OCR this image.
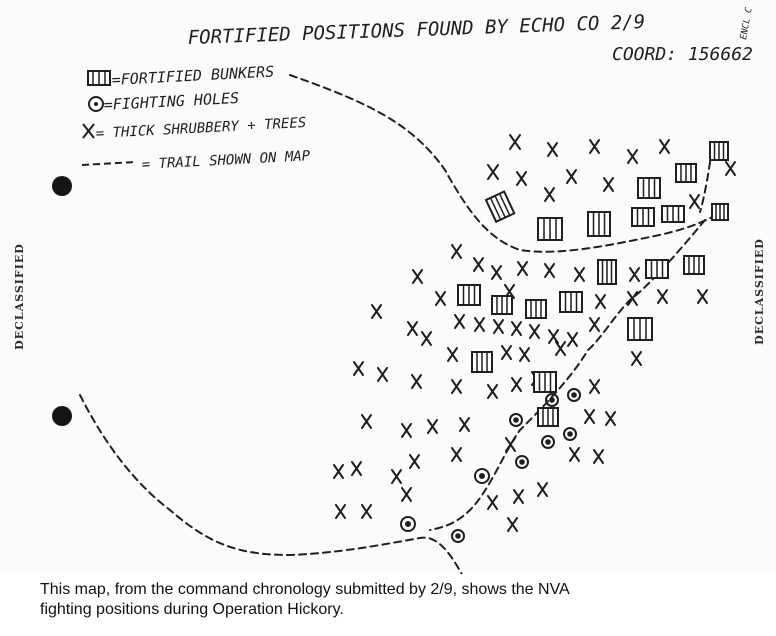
FORTIFIED POSITIONS FOUND BY ECHO CO 2/9
COORD: 156662
ENCL C
=FORTIFIED BUNKERS
=FIGHTING HOLES
= THICK SHRUBBERY + TREES
= TRAIL SHOWN ON MAP
DECLASSIFIED	DECLASSIFIED
This map, from the command chronology submitted by 2/9, shows the NVA
fighting positions during Operation Hickory.
